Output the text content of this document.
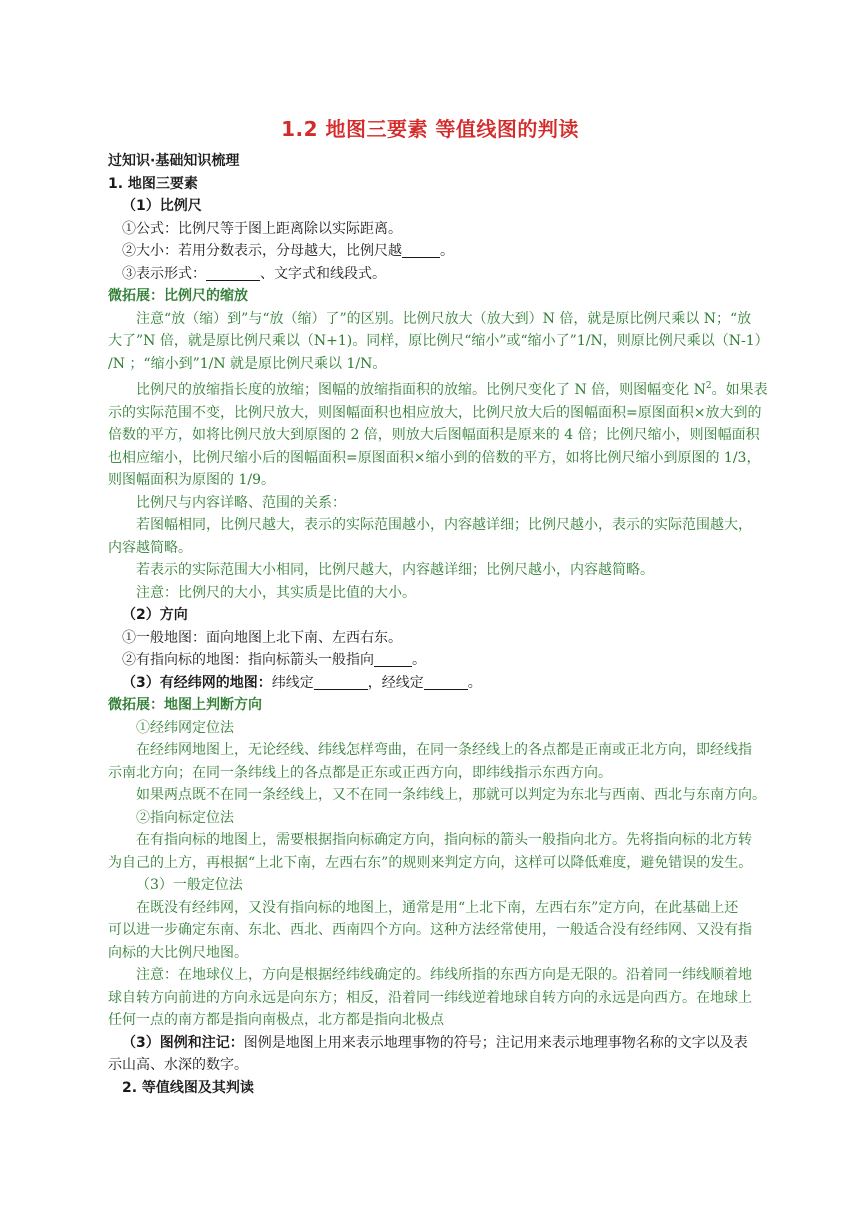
1.2 地图三要素 等值线图的判读

过知识·基础知识梳理

1. 地图三要素

（1）比例尺

①公式：比例尺等于图上距离除以实际距离。

②大小：若用分数表示，分母越大，比例尺越	。

③表示形式：	、文字式和线段式。

微拓展：比例尺的缩放

注意“放（缩）到”与“放（缩）了”的区别。比例尺放大（放大到）N 倍，就是原比例尺乘以 N；“放

大了”N 倍，就是原比例尺乘以（N+1)。同样，原比例尺“缩小”或“缩小了”1/N，则原比例尺乘以（N-1）

/N ；“缩小到”1/N 就是原比例尺乘以 1/N。

比例尺的放缩指长度的放缩；图幅的放缩指面积的放缩。比例尺变化了 N 倍，则图幅变化 $N^2$。如果表

示的实际范围不变，比例尺放大，则图幅面积也相应放大，比例尺放大后的图幅面积=原图面积×放大到的

倍数的平方，如将比例尺放大到原图的 2 倍，则放大后图幅面积是原来的 4 倍；比例尺缩小，则图幅面积

也相应缩小，比例尺缩小后的图幅面积=原图面积×缩小到的倍数的平方，如将比例尺缩小到原图的 1/3，

则图幅面积为原图的 1/9。

比例尺与内容详略、范围的关系：

若图幅相同，比例尺越大，表示的实际范围越小，内容越详细；比例尺越小，表示的实际范围越大，

内容越简略。

若表示的实际范围大小相同，比例尺越大，内容越详细；比例尺越小，内容越简略。

注意：比例尺的大小，其实质是比值的大小。

（2）方向

①一般地图：面向地图上北下南、左西右东。

②有指向标的地图：指向标箭头一般指向	。

（3）有经纬网的地图：纬线定	，经线定	。

微拓展：地图上判断方向

①经纬网定位法

在经纬网地图上，无论经线、纬线怎样弯曲，在同一条经线上的各点都是正南或正北方向，即经线指

示南北方向；在同一条纬线上的各点都是正东或正西方向，即纬线指示东西方向。

如果两点既不在同一条经线上，又不在同一条纬线上，那就可以判定为东北与西南、西北与东南方向。

②指向标定位法

在有指向标的地图上，需要根据指向标确定方向，指向标的箭头一般指向北方。先将指向标的北方转

为自己的上方，再根据“上北下南，左西右东”的规则来判定方向，这样可以降低难度，避免错误的发生。

（3）一般定位法

在既没有经纬网，又没有指向标的地图上，通常是用“上北下南，左西右东”定方向，在此基础上还

可以进一步确定东南、东北、西北、西南四个方向。这种方法经常使用，一般适合没有经纬网、又没有指

向标的大比例尺地图。

注意：在地球仪上，方向是根据经纬线确定的。纬线所指的东西方向是无限的。沿着同一纬线顺着地

球自转方向前进的方向永远是向东方；相反，沿着同一纬线逆着地球自转方向的永远是向西方。在地球上

任何一点的南方都是指向南极点，北方都是指向北极点

（3）图例和注记：图例是地图上用来表示地理事物的符号；注记用来表示地理事物名称的文字以及表

示山高、水深的数字。

2. 等值线图及其判读
